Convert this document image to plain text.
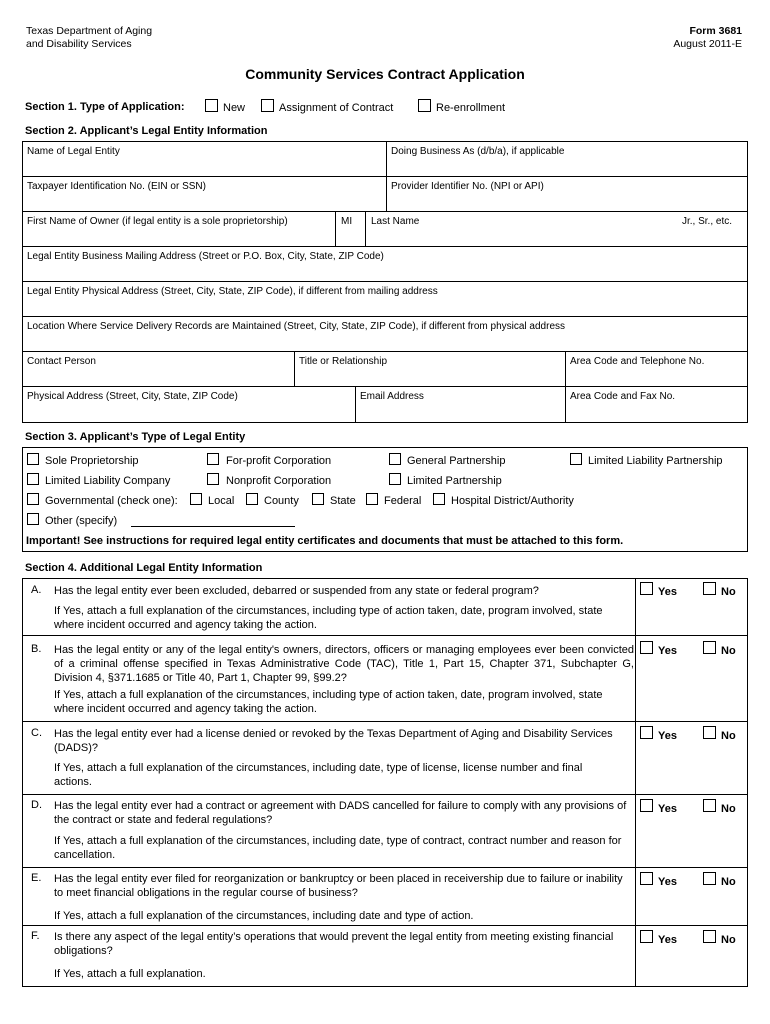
Texas Department of Aging
and Disability Services
Form 3681
August 2011-E
Community Services Contract Application
Section 1. Type of Application:	New	Assignment of Contract	Re-enrollment
Section 2. Applicant’s Legal Entity Information
Name of Legal Entity	Doing Business As (d/b/a), if applicable
Taxpayer Identification No. (EIN or SSN)	Provider Identifier No. (NPI or API)
First Name of Owner (if legal entity is a sole proprietorship)	MI Last Name	Jr., Sr., etc.
Legal Entity Business Mailing Address (Street or P.O. Box, City, State, ZIP Code)
Legal Entity Physical Address (Street, City, State, ZIP Code), if different from mailing address
Location Where Service Delivery Records are Maintained (Street, City, State, ZIP Code), if different from physical address
Contact Person	Title or Relationship	Area Code and Telephone No.
Physical Address (Street, City, State, ZIP Code)	Email Address	Area Code and Fax No.
Section 3. Applicant’s Type of Legal Entity
Sole Proprietorship	For-profit Corporation	General Partnership	Limited Liability Partnership
Limited Liability Company	Nonprofit Corporation	Limited Partnership
Governmental (check one):	Local	County	State	Federal	Hospital District/Authority
Other (specify)
Important! See instructions for required legal entity certificates and documents that must be attached to this form.
Section 4. Additional Legal Entity Information
A. Has the legal entity ever been excluded, debarred or suspended from any state or federal program?
If Yes, attach a full explanation of the circumstances, including type of action taken, date, program involved, state where incident occurred and agency taking the action.
Yes	No
B. Has the legal entity or any of the legal entity's owners, directors, officers or managing employees ever been convicted of a criminal offense specified in Texas Administrative Code (TAC), Title 1, Part 15, Chapter 371, Subchapter G, Division 4, §371.1685 or Title 40, Part 1, Chapter 99, §99.2?
If Yes, attach a full explanation of the circumstances, including type of action taken, date, program involved, state where incident occurred and agency taking the action.
Yes	No
C. Has the legal entity ever had a license denied or revoked by the Texas Department of Aging and Disability Services (DADS)?
If Yes, attach a full explanation of the circumstances, including date, type of license, license number and final actions.
Yes	No
D. Has the legal entity ever had a contract or agreement with DADS cancelled for failure to comply with any provisions of the contract or state and federal regulations?
If Yes, attach a full explanation of the circumstances, including date, type of contract, contract number and reason for cancellation.
Yes	No
E. Has the legal entity ever filed for reorganization or bankruptcy or been placed in receivership due to failure or inability to meet financial obligations in the regular course of business?
If Yes, attach a full explanation of the circumstances, including date and type of action.
Yes	No
F. Is there any aspect of the legal entity’s operations that would prevent the legal entity from meeting existing financial obligations?
If Yes, attach a full explanation.
Yes	No
